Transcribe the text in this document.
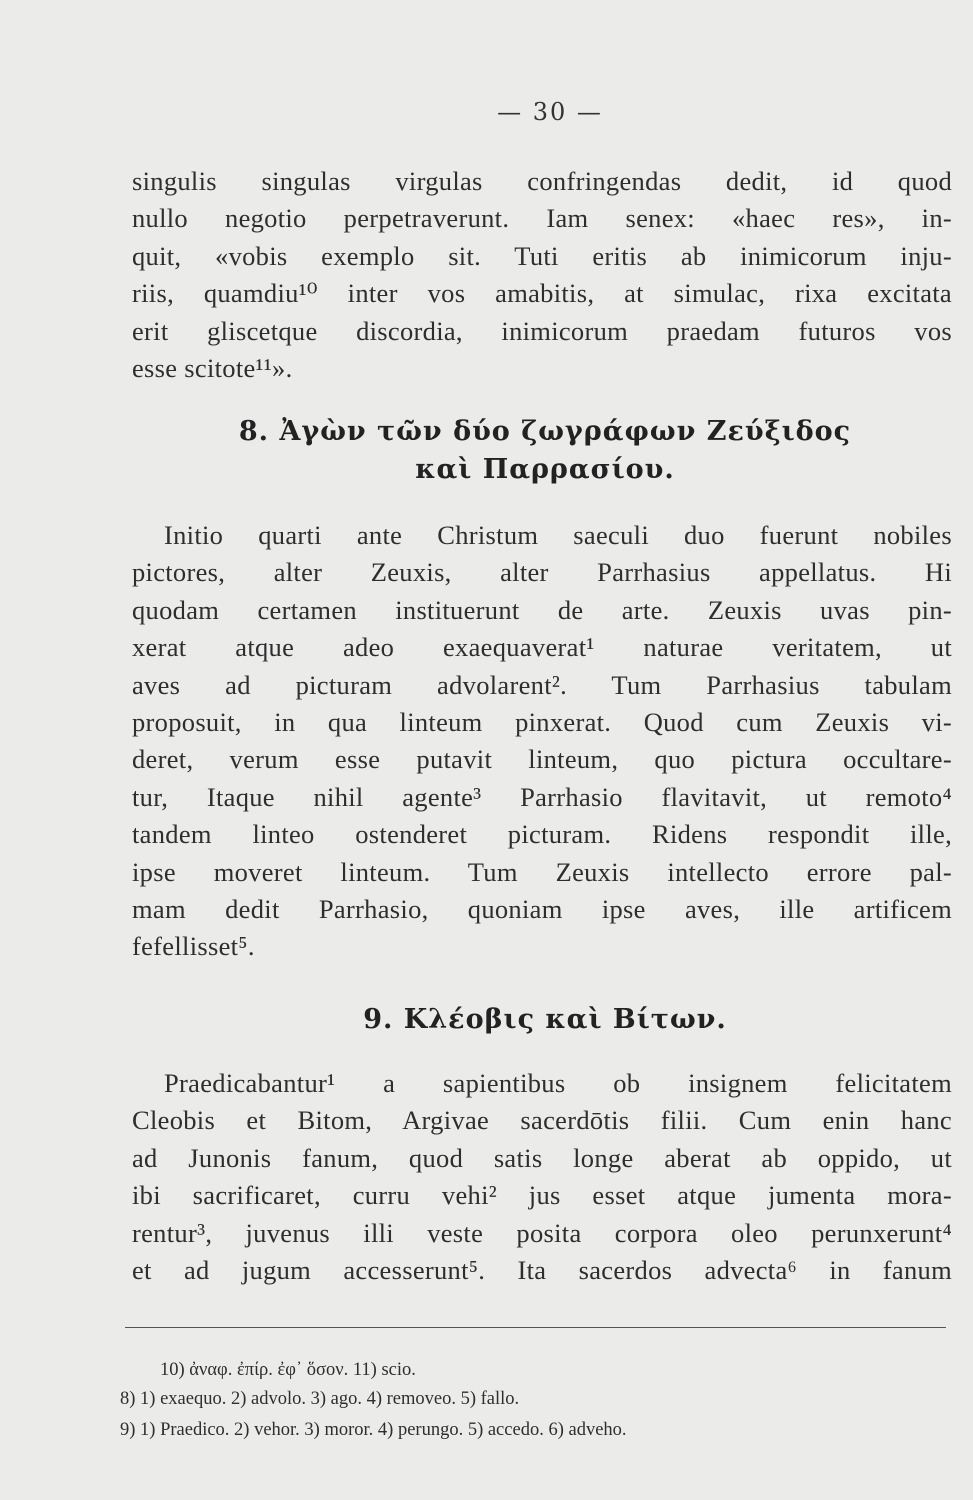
— 30 —
singulis singulas virgulas confringendas dedit, id quod
nullo negotio perpetraverunt. Iam senex: «haec res», in-
quit, «vobis exemplo sit. Tuti eritis ab inimicorum inju-
riis, quamdiu¹⁰ inter vos amabitis, at simulac, rixa excitata
erit gliscetque discordia, inimicorum praedam futuros vos
esse scitote¹¹».
8. Ἀγὼν τῶν δύο ζωγράφων Ζεύξιδος
καὶ Παρρασίου.
Initio quarti ante Christum saeculi duo fuerunt nobiles
pictores, alter Zeuxis, alter Parrhasius appellatus. Hi
quodam certamen instituerunt de arte. Zeuxis uvas pin-
xerat atque adeo exaequaverat¹ naturae veritatem, ut
aves ad picturam advolarent². Tum Parrhasius tabulam
proposuit, in qua linteum pinxerat. Quod cum Zeuxis vi-
deret, verum esse putavit linteum, quo pictura occultare-
tur, Itaque nihil agente³ Parrhasio flavitavit, ut remoto⁴
tandem linteo ostenderet picturam. Ridens respondit ille,
ipse moveret linteum. Tum Zeuxis intellecto errore pal-
mam dedit Parrhasio, quoniam ipse aves, ille artificem
fefellisset⁵.
9. Κλέοβις καὶ Βίτων.
Praedicabantur¹ a sapientibus ob insignem felicitatem
Cleobis et Bitom, Argivae sacerdōtis filii. Cum enin hanc
ad Junonis fanum, quod satis longe aberat ab oppido, ut
ibi sacrificaret, curru vehi² jus esset atque jumenta mora-
rentur³, juvenus illi veste posita corpora oleo perunxerunt⁴
et ad jugum accesserunt⁵. Ita sacerdos advecta⁶ in fanum
10) ἀναφ. ἐπίρ. ἐφ᾽ ὅσον. 11) scio.
8) 1) exaequo. 2) advolo. 3) ago. 4) removeo. 5) fallo.
9) 1) Praedico. 2) vehor. 3) moror. 4) perungo. 5) accedo. 6) adveho.
